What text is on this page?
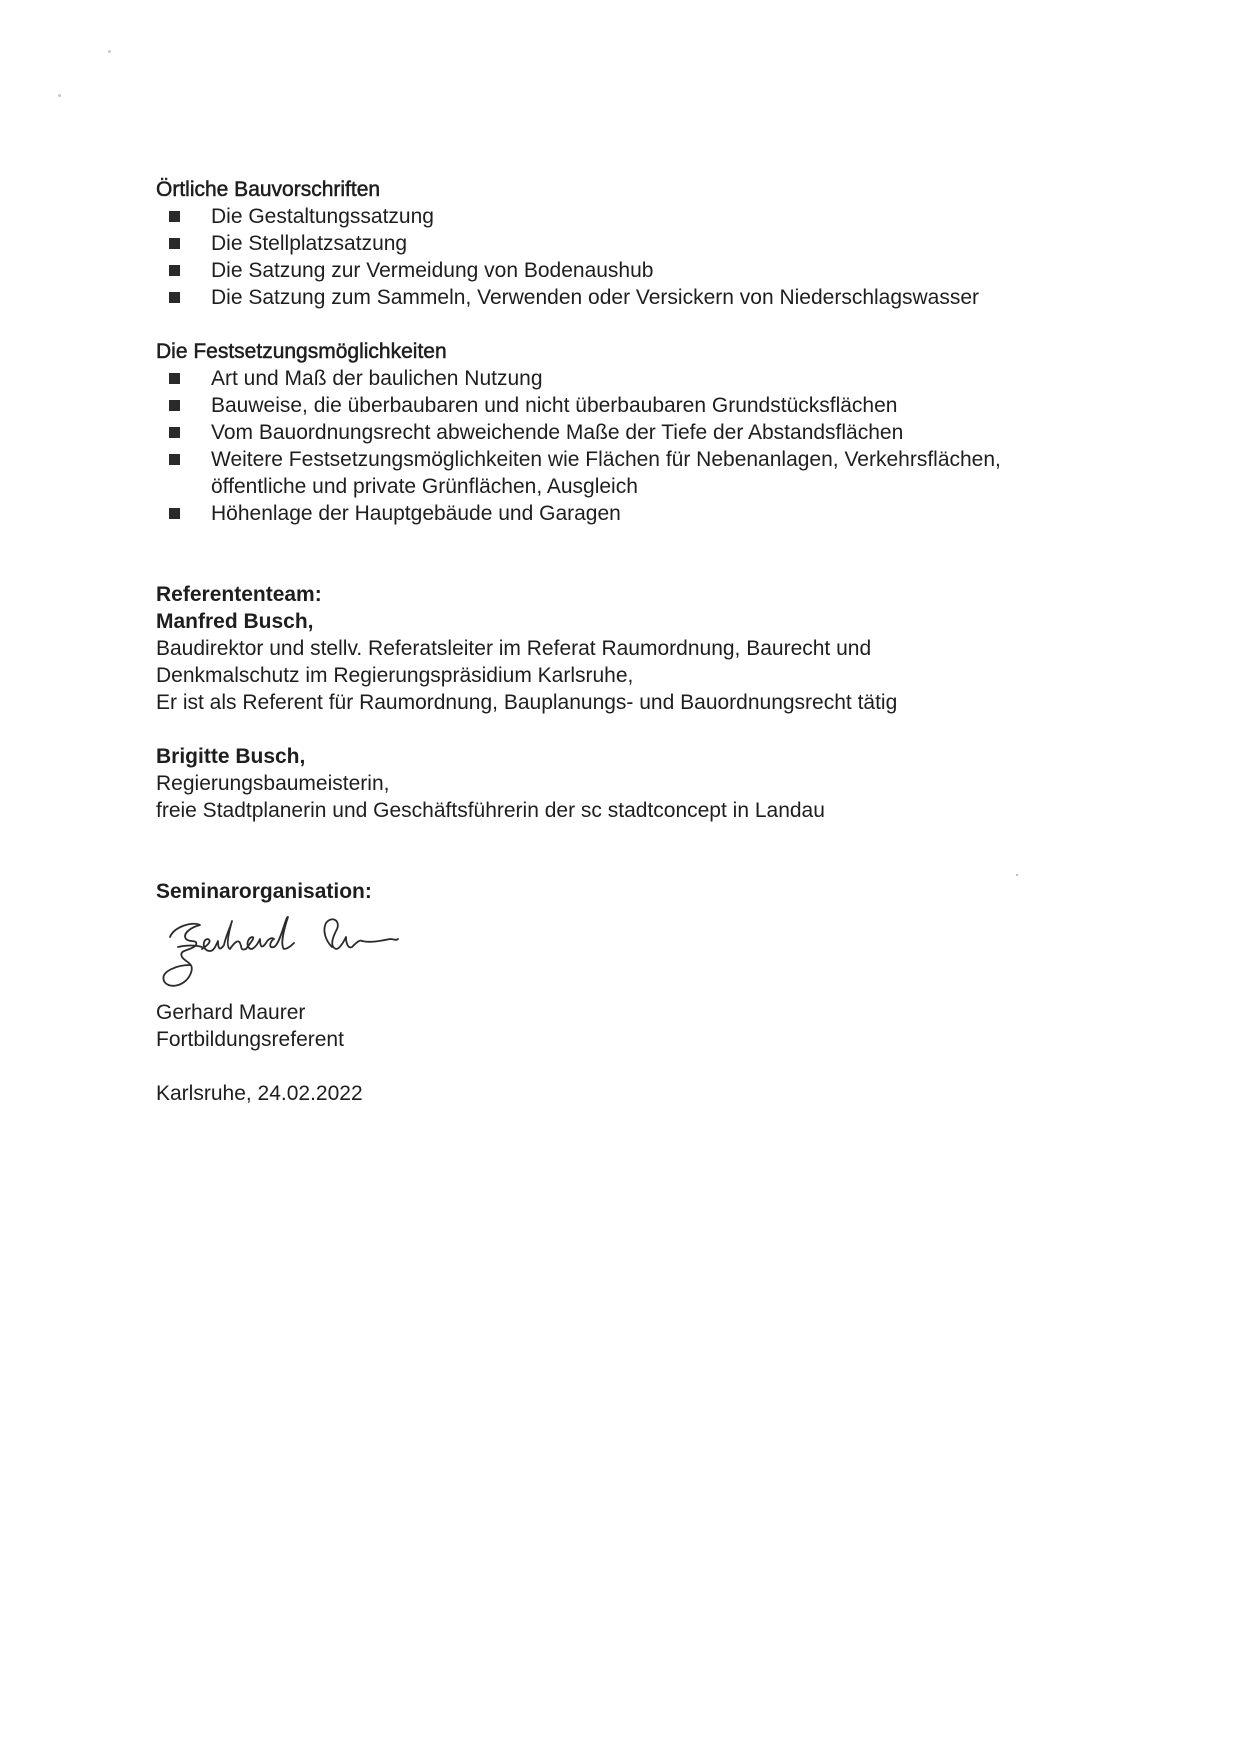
Örtliche Bauvorschriften
Die Gestaltungssatzung
Die Stellplatzsatzung
Die Satzung zur Vermeidung von Bodenaushub
Die Satzung zum Sammeln, Verwenden oder Versickern von Niederschlagswasser
Die Festsetzungsmöglichkeiten
Art und Maß der baulichen Nutzung
Bauweise, die überbaubaren und nicht überbaubaren Grundstücksflächen
Vom Bauordnungsrecht abweichende Maße der Tiefe der Abstandsflächen
Weitere Festsetzungsmöglichkeiten wie Flächen für Nebenanlagen, Verkehrsflächen,
öffentliche und private Grünflächen, Ausgleich
Höhenlage der Hauptgebäude und Garagen
Referententeam:
Manfred Busch,
Baudirektor und stellv. Referatsleiter im Referat Raumordnung, Baurecht und
Denkmalschutz im Regierungspräsidium Karlsruhe,
Er ist als Referent für Raumordnung, Bauplanungs- und Bauordnungsrecht tätig
Brigitte Busch,
Regierungsbaumeisterin,
freie Stadtplanerin und Geschäftsführerin der sc stadtconcept in Landau
Seminarorganisation:
Gerhard Maurer
Fortbildungsreferent
Karlsruhe, 24.02.2022
